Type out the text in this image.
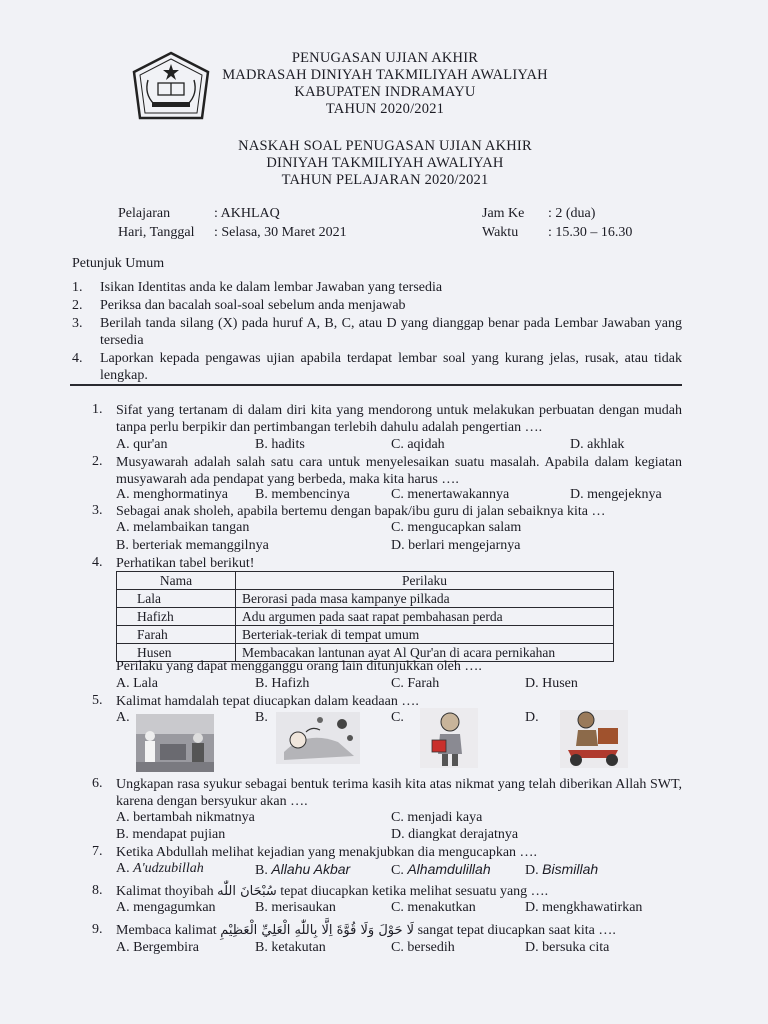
PENUGASAN UJIAN AKHIR
MADRASAH DINIYAH TAKMILIYAH AWALIYAH
KABUPATEN INDRAMAYU
TAHUN 2020/2021
NASKAH SOAL PENUGASAN UJIAN AKHIR
DINIYAH TAKMILIYAH AWALIYAH
TAHUN PELAJARAN 2020/2021
Pelajaran	: AKHLAQ
Hari, Tanggal : Selasa, 30 Maret 2021
Jam Ke : 2 (dua)
Waktu : 15.30 – 16.30
Petunjuk Umum
1. Isikan Identitas anda ke dalam lembar Jawaban yang tersedia
2. Periksa dan bacalah soal-soal sebelum anda menjawab
3. Berilah tanda silang (X) pada huruf A, B, C, atau D yang dianggap benar pada Lembar Jawaban yang tersedia
4. Laporkan kepada pengawas ujian apabila terdapat lembar soal yang kurang jelas, rusak, atau tidak lengkap.
1. Sifat yang tertanam di dalam diri kita yang mendorong untuk melakukan perbuatan dengan mudah tanpa perlu berpikir dan pertimbangan terlebih dahulu adalah pengertian ….
A. qur'an	B. hadits	C. aqidah	D. akhlak
2. Musyawarah adalah salah satu cara untuk menyelesaikan suatu masalah. Apabila dalam kegiatan musyawarah ada pendapat yang berbeda, maka kita harus ….
A. menghormatinya B. membencinya	C. menertawakannya	D. mengejeknya
3. Sebagai anak sholeh, apabila bertemu dengan bapak/ibu guru di jalan sebaiknya kita …
A. melambaikan tangan	C. mengucapkan salam
B. berteriak memanggilnya	D. berlari mengejarnya
4. Perhatikan tabel berikut!
Nama	Perilaku
Lala	Berorasi pada masa kampanye pilkada
Hafizh	Adu argumen pada saat rapat pembahasan perda
Farah	Berteriak-teriak di tempat umum
Husen	Membacakan lantunan ayat Al Qur'an di acara pernikahan
Perilaku yang dapat mengganggu orang lain ditunjukkan oleh ….
A. Lala	B. Hafizh	C. Farah	D. Husen
5. Kalimat hamdalah tepat diucapkan dalam keadaan ….
A.	B.	C.	D.
6. Ungkapan rasa syukur sebagai bentuk terima kasih kita atas nikmat yang telah diberikan Allah SWT, karena dengan bersyukur akan ….
A. bertambah nikmatnya	C. menjadi kaya
B. mendapat pujian	D. diangkat derajatnya
7. Ketika Abdullah melihat kejadian yang menakjubkan dia mengucapkan ….
A. A'udzubillah	B. Allahu Akbar	C. Alhamdulillah D. Bismillah
8. Kalimat thoyibah سُبْحَانَ اللّٰه tepat diucapkan ketika melihat sesuatu yang ….
A. mengagumkan	B. merisaukan	C. menakutkan	D. mengkhawatirkan
9. Membaca kalimat لَا حَوْلَ وَلَا قُوَّةَ اِلَّا بِاللّٰهِ الْعَلِيِّ الْعَظِيْمِ sangat tepat diucapkan saat kita ….
A. Bergembira	B. ketakutan	C. bersedih	D. bersuka cita
